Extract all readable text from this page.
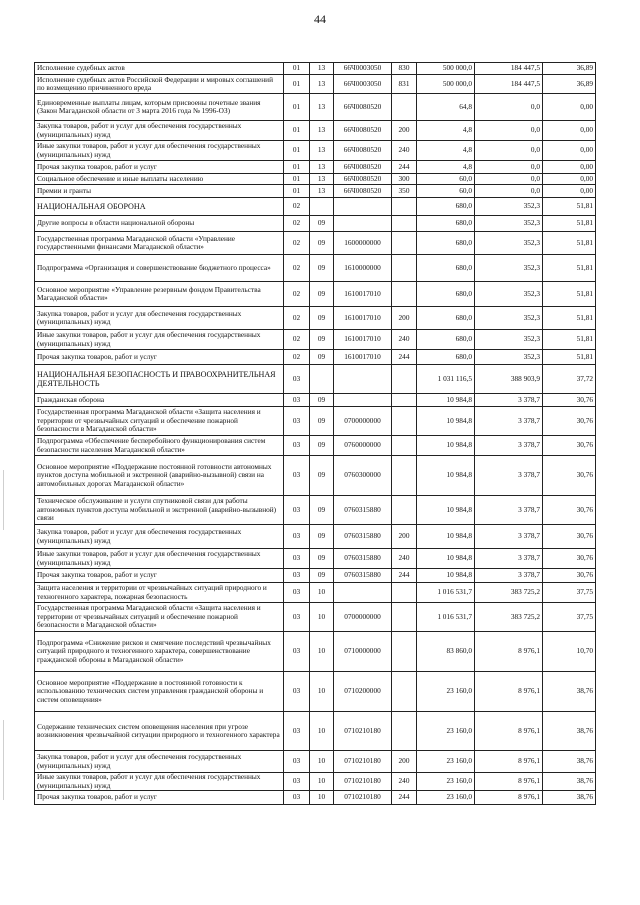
44
Исполнение судебных актов	01	13	66Ч0003050	830	500 000,0	184 447,5	36,89
Исполнение судебных актов Российской Федерации и мировых соглашений по возмещению причиненного вреда	01	13	66Ч0003050	831	500 000,0	184 447,5	36,89
Единовременные выплаты лицам, которым присвоены почетные звания (Закон Магаданской области от 3 марта 2016 года № 1996-ОЗ)	01	13	66Ч0080520		64,8	0,0	0,00
Закупка товаров, работ и услуг для обеспечения государственных (муниципальных) нужд	01	13	66Ч0080520	200	4,8	0,0	0,00
Иные закупки товаров, работ и услуг для обеспечения государственных (муниципальных) нужд	01	13	66Ч0080520	240	4,8	0,0	0,00
Прочая закупка товаров, работ и услуг	01	13	66Ч0080520	244	4,8	0,0	0,00
Социальное обеспечение и иные выплаты населению	01	13	66Ч0080520	300	60,0	0,0	0,00
Премии и гранты	01	13	66Ч0080520	350	60,0	0,0	0,00
НАЦИОНАЛЬНАЯ ОБОРОНА	02				680,0	352,3	51,81
Другие вопросы в области национальной обороны	02	09			680,0	352,3	51,81
Государственная программа Магаданской области «Управление государственными финансами Магаданской области»	02	09	1600000000		680,0	352,3	51,81
Подпрограмма «Организация и совершенствование бюджетного процесса»	02	09	1610000000		680,0	352,3	51,81
Основное мероприятие «Управление резервным фондом Правительства Магаданской области»	02	09	1610017010		680,0	352,3	51,81
Закупка товаров, работ и услуг для обеспечения государственных (муниципальных) нужд	02	09	1610017010	200	680,0	352,3	51,81
Иные закупки товаров, работ и услуг для обеспечения государственных (муниципальных) нужд	02	09	1610017010	240	680,0	352,3	51,81
Прочая закупка товаров, работ и услуг	02	09	1610017010	244	680,0	352,3	51,81
НАЦИОНАЛЬНАЯ БЕЗОПАСНОСТЬ И ПРАВООХРАНИТЕЛЬНАЯ ДЕЯТЕЛЬНОСТЬ	03				1 031 116,5	388 903,9	37,72
Гражданская оборона	03	09			10 984,8	3 378,7	30,76
Государственная программа Магаданской области «Защита населения и территории от чрезвычайных ситуаций и обеспечение пожарной безопасности в Магаданской области»	03	09	0700000000		10 984,8	3 378,7	30,76
Подпрограмма «Обеспечение бесперебойного функционирования систем безопасности населения Магаданской области»	03	09	0760000000		10 984,8	3 378,7	30,76
Основное мероприятие «Поддержание постоянной готовности автономных пунктов доступа мобильной и экстренной (аварийно-вызывной) связи на автомобильных дорогах Магаданской области»	03	09	0760300000		10 984,8	3 378,7	30,76
Техническое обслуживание и услуги спутниковой связи для работы автономных пунктов доступа мобильной и экстренной (аварийно-вызывной) связи	03	09	0760315880		10 984,8	3 378,7	30,76
Закупка товаров, работ и услуг для обеспечения государственных (муниципальных) нужд	03	09	0760315880	200	10 984,8	3 378,7	30,76
Иные закупки товаров, работ и услуг для обеспечения государственных (муниципальных) нужд	03	09	0760315880	240	10 984,8	3 378,7	30,76
Прочая закупка товаров, работ и услуг	03	09	0760315880	244	10 984,8	3 378,7	30,76
Защита населения и территории от чрезвычайных ситуаций природного и техногенного характера, пожарная безопасность	03	10			1 016 531,7	383 725,2	37,75
Государственная программа Магаданской области «Защита населения и территории от чрезвычайных ситуаций и обеспечение пожарной безопасности в Магаданской области»	03	10	0700000000		1 016 531,7	383 725,2	37,75
Подпрограмма «Снижение рисков и смягчение последствий чрезвычайных ситуаций природного и техногенного характера, совершенствование гражданской обороны в Магаданской области»	03	10	0710000000		83 860,0	8 976,1	10,70
Основное мероприятие «Поддержание в постоянной готовности к использованию технических систем управления гражданской обороны и систем оповещения»	03	10	0710200000		23 160,0	8 976,1	38,76
Содержание технических систем оповещения населения при угрозе возникновения чрезвычайной ситуации природного и техногенного характера	03	10	0710210180		23 160,0	8 976,1	38,76
Закупка товаров, работ и услуг для обеспечения государственных (муниципальных) нужд	03	10	0710210180	200	23 160,0	8 976,1	38,76
Иные закупки товаров, работ и услуг для обеспечения государственных (муниципальных) нужд	03	10	0710210180	240	23 160,0	8 976,1	38,76
Прочая закупка товаров, работ и услуг	03	10	0710210180	244	23 160,0	8 976,1	38,76
